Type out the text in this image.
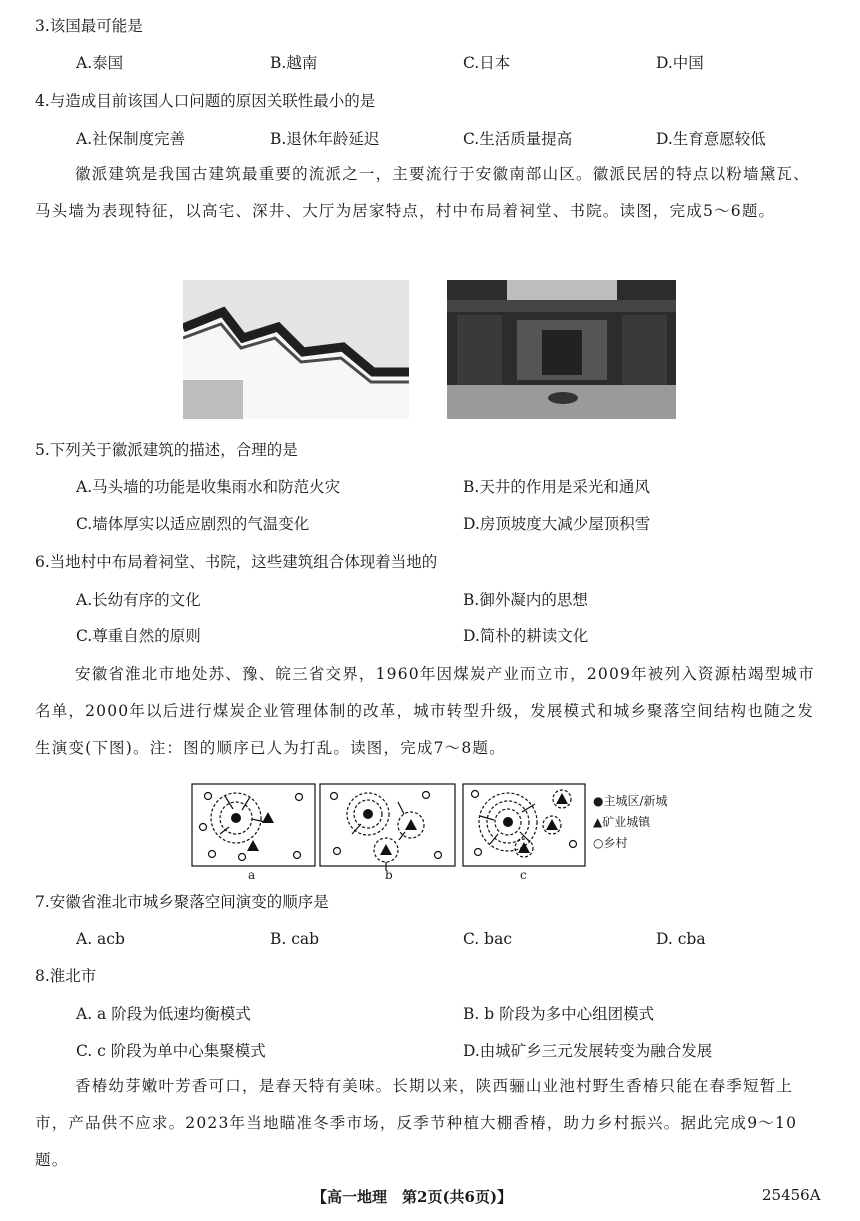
3.该国最可能是
A.泰国	B.越南	C.日本	D.中国
4.与造成目前该国人口问题的原因关联性最小的是
A.社保制度完善	B.退休年龄延迟	C.生活质量提高	D.生育意愿较低
徽派建筑是我国古建筑最重要的流派之一，主要流行于安徽南部山区。徽派民居的特点以粉墙黛瓦、马头墙为表现特征，以高宅、深井、大厅为居家特点，村中布局着祠堂、书院。读图，完成5～6题。
5.下列关于徽派建筑的描述，合理的是
A.马头墙的功能是收集雨水和防范火灾	B.天井的作用是采光和通风
C.墙体厚实以适应剧烈的气温变化	D.房顶坡度大减少屋顶积雪
6.当地村中布局着祠堂、书院，这些建筑组合体现着当地的
A.长幼有序的文化	B.御外凝内的思想
C.尊重自然的原则	D.简朴的耕读文化
安徽省淮北市地处苏、豫、皖三省交界，1960年因煤炭产业而立市，2009年被列入资源枯竭型城市名单，2000年以后进行煤炭企业管理体制的改革，城市转型升级，发展模式和城乡聚落空间结构也随之发生演变(下图)。注：图的顺序已人为打乱。读图，完成7～8题。
a	b	c
●主城区/新城
▲矿业城镇
○乡村
7.安徽省淮北市城乡聚落空间演变的顺序是
A. acb	B. cab	C. bac	D. cba
8.淮北市
A. a 阶段为低速均衡模式	B. b 阶段为多中心组团模式
C. c 阶段为单中心集聚模式	D.由城矿乡三元发展转变为融合发展
香椿幼芽嫩叶芳香可口，是春天特有美味。长期以来，陕西骊山业池村野生香椿只能在春季短暂上市，产品供不应求。2023年当地瞄准冬季市场，反季节种植大棚香椿，助力乡村振兴。据此完成9～10题。
【高一地理　第2页(共6页)】	25456A
